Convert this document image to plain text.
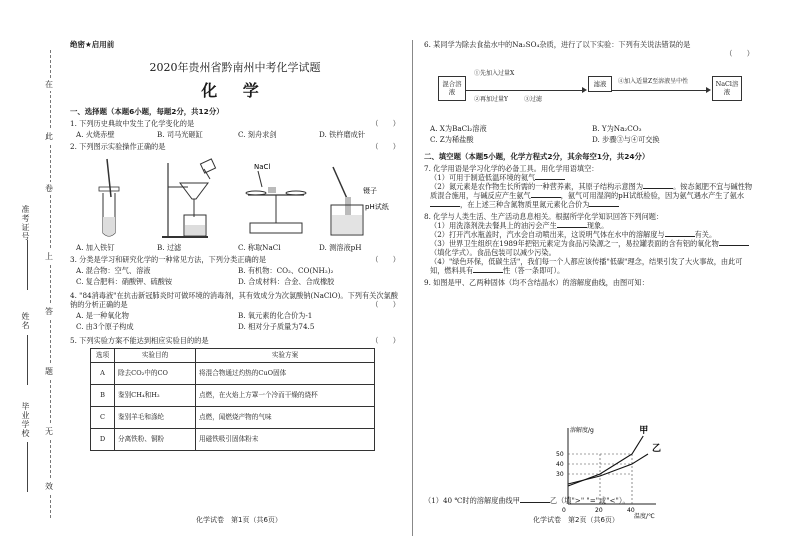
准考证号
姓名
毕业学校
在
此
卷
上
答
题
无
效
绝密★启用前
2020年贵州省黔南州中考化学试题
化 学
一、选择题（本题6小题，每题2分，共12分）
1. 下列历史典故中发生了化学变化的是	（　　）
A. 火烧赤壁	B. 司马光砸缸	C. 刻舟求剑	D. 铁杵磨成针
2. 下列图示实验操作正确的是	（　　）
NaCl
镊子
pH试纸
A. 加入铁钉	B. 过滤	C. 称取NaCl	D. 测溶液pH
3. 分类是学习和研究化学的一种常见方法，下列分类正确的是	（　　）
A. 混合物：空气、溶液	B. 有机物：CO₂、CO(NH₂)₂
C. 复合肥料：硝酸钾、硫酸铵	D. 合成材料：合金、合成橡胶
4. "84消毒液"在抗击新冠肺炎时可做环境的消毒剂，其有效成分为次氯酸钠(NaClO)。下列有关次氯酸钠的分析正确的是	（　　）
A. 是一种氧化物	B. 氧元素的化合价为-1
C. 由3个原子构成	D. 相对分子质量为74.5
5. 下列实验方案不能达到相应实验目的的是	（　　）
选项	实验目的	实验方案
A	除去CO₂中的CO	将混合物通过灼热的CuO固体
B	鉴别CH₄和H₂	点燃，在火焰上方罩一个冷而干燥的烧杯
C	鉴别羊毛和涤纶	点燃，闻燃烧产物的气味
D	分离铁粉、铜粉	用磁铁吸引固体粉末
化学试卷　第1页（共6页）
6. 某同学为除去食盐水中的Na₂SO₄杂质，进行了以下实验：下列有关说法错误的是
（　　）
混合溶液
①先加入过量X
②再加过量Y	③过滤
滤液	④加入适量Z至溶液呈中性	NaCl溶液
A. X为BaCl₂溶液	B. Y为Na₂CO₃
C. Z为稀盐酸	D. 步骤③与④可交换
二、填空题（本题5小题，化学方程式2分，其余每空1分，共24分）
7. 化学用语是学习化学的必备工具。用化学用语填空：
（1）可用于制造低温环境的氦气
（2）氮元素是农作物生长所需的一种营养素，其原子结构示意图为	。铵态氮肥不宜与碱性物质混合施用，与碱反应产生氨气	，氨气可用湿润的pH试纸检验，因为氨气遇水产生了氨水，在上述三种含氮物质里氮元素化合价为
8. 化学与人类生活、生产活动息息相关。根据所学化学知识回答下列问题：
（1）用洗涤剂洗去餐具上的油污会产生	现象。
（2）打开汽水瓶盖时，汽水会自动喷出来，这说明气体在水中的溶解度与	有关。
（3）世界卫生组织在1989年把铝元素定为食品污染源之一，易拉罐表面的含有铝的氧化物（填化学式）。食品包装可以减少污染。
（4）"绿色环保，低碳生活"，我们每一个人都应该传播"低碳"理念，结果引发了大火事故，由此可知，燃料具有	性（答一条即可）。
9. 如图是甲、乙两种固体（均不含结晶水）的溶解度曲线，由图可知：
溶解度/g
温度/℃
30
40
50
20	40
0
甲
乙
（1）40 ℃时的溶解度曲线甲	乙（填">" "="或"<"）。
化学试卷　第2页（共6页）
